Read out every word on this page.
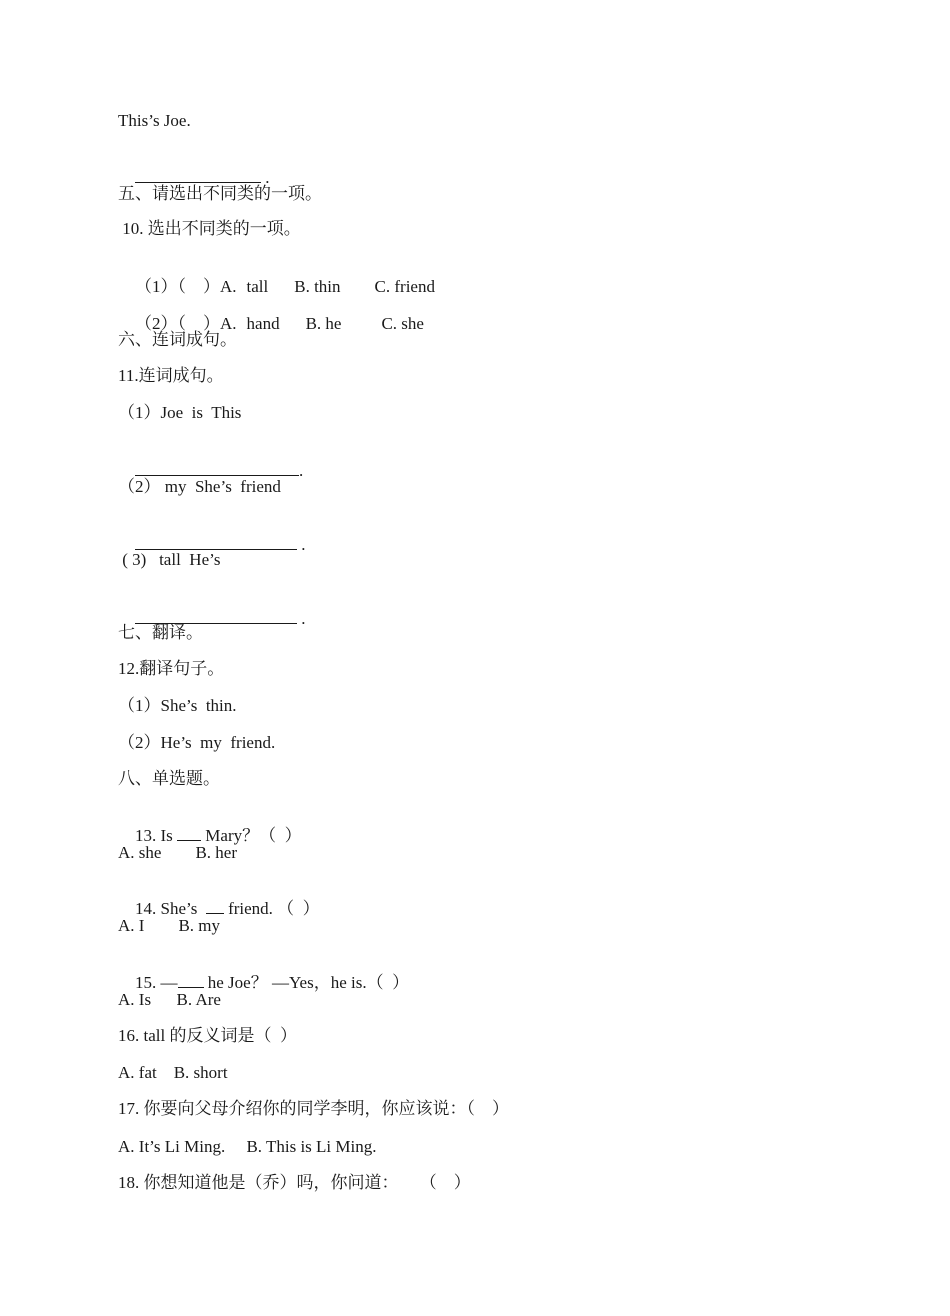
This’s Joe.

.

五、请选出不同类的一项。
10. 选出不同类的一项。

（1）（　）A. tall B. thin C. friend

（2）（　）A. hand B. he C. she

六、连词成句。
11.连词成句。
（1）Joe  is  This

.

（2） my  She’s  friend

.

( 3)   tall  He’s

.

七、翻译。
12.翻译句子。
（1）She’s  thin.
（2）He’s  my  friend.
八、单选题。

13. Is  Mary？（  ）

A. she        B. her

14. She’s   friend. （  ）

A. I        B. my

15. — he Joe？ —Yes，he is.（  ）

A. Is      B. Are
16. tall 的反义词是（  ）
A. fat    B. short
17. 你要向父母介绍你的同学李明，你应该说：（    ）
A. It’s Li Ming.     B. This is Li Ming.
18. 你想知道他是（乔）吗，你问道：     （    ）
